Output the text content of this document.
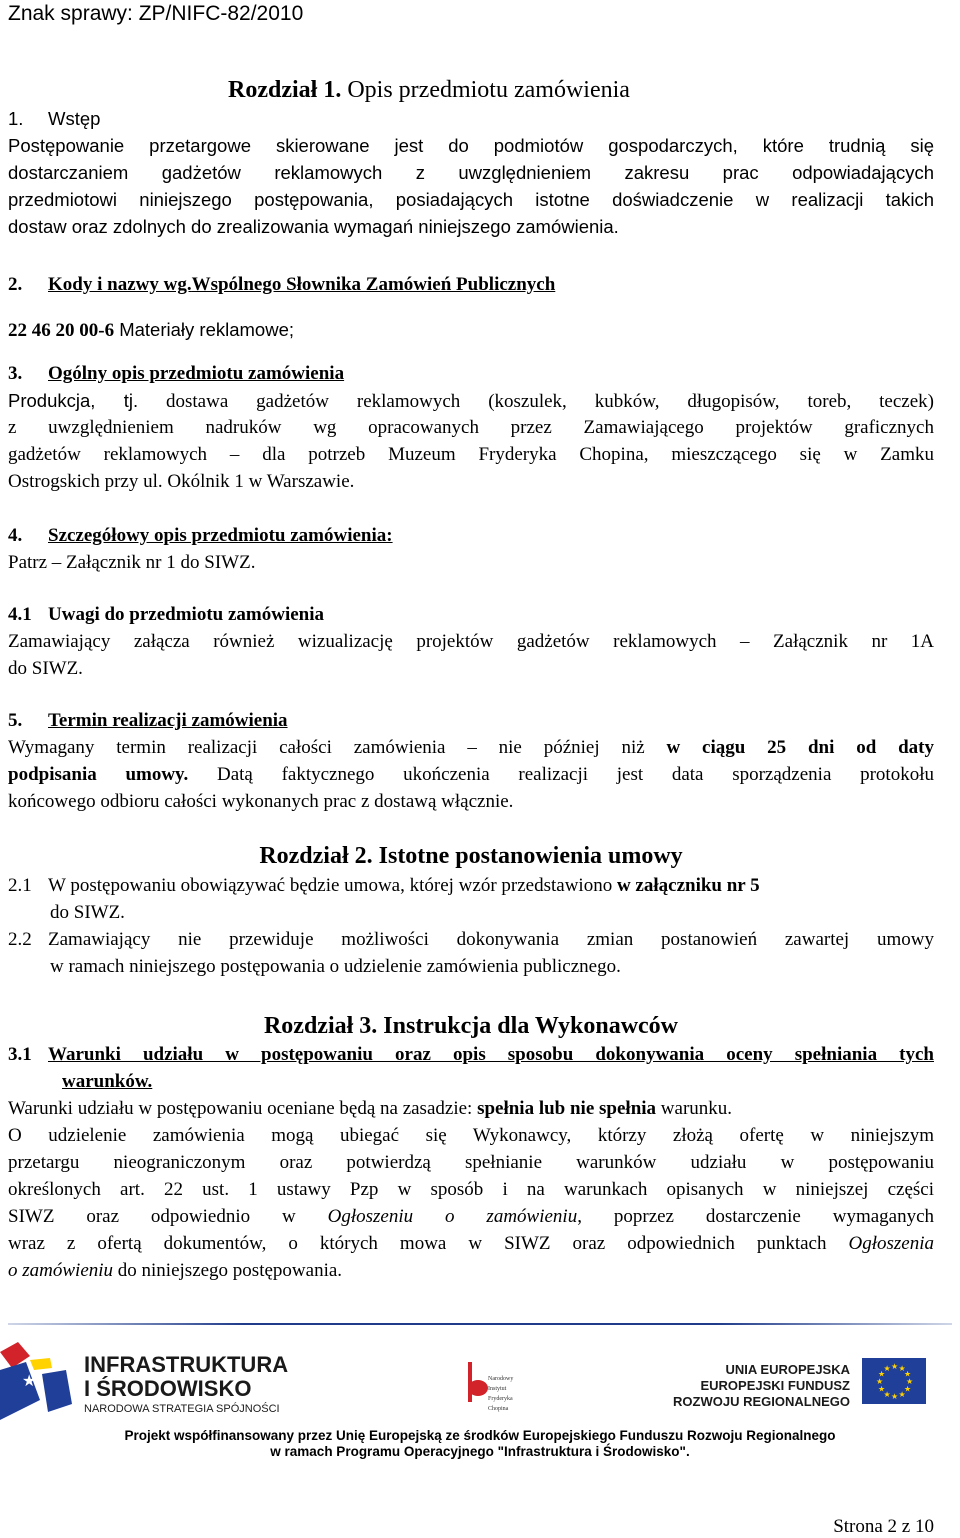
Znak sprawy: ZP/NIFC-82/2010
Rozdział 1. Opis przedmiotu zamówienia
1. Wstęp
Postępowanie przetargowe skierowane jest do podmiotów gospodarczych, które trudnią się
dostarczaniem gadżetów reklamowych z uwzględnieniem zakresu prac odpowiadających
przedmiotowi niniejszego postępowania, posiadających istotne doświadczenie w realizacji takich
dostaw oraz zdolnych do zrealizowania wymagań niniejszego zamówienia.
2. Kody i nazwy wg.Wspólnego Słownika Zamówień Publicznych
22 46 20 00-6 Materiały reklamowe;
3. Ogólny opis przedmiotu zamówienia
Produkcja, tj. dostawa gadżetów reklamowych (koszulek, kubków, długopisów, toreb, teczek)
z uwzględnieniem nadruków wg opracowanych przez Zamawiającego projektów graficznych
gadżetów reklamowych – dla potrzeb Muzeum Fryderyka Chopina, mieszczącego się w Zamku
Ostrogskich przy ul. Okólnik 1 w Warszawie.
4. Szczegółowy opis przedmiotu zamówienia:
Patrz – Załącznik nr 1 do SIWZ.
4.1 Uwagi do przedmiotu zamówienia
Zamawiający załącza również wizualizację projektów gadżetów reklamowych – Załącznik nr 1A
do SIWZ.
5. Termin realizacji zamówienia
Wymagany termin realizacji całości zamówienia – nie później niż w ciągu 25 dni od daty
podpisania umowy. Datą faktycznego ukończenia realizacji jest data sporządzenia protokołu
końcowego odbioru całości wykonanych prac z dostawą włącznie.
Rozdział 2. Istotne postanowienia umowy
2.1 W postępowaniu obowiązywać będzie umowa, której wzór przedstawiono w załączniku nr 5
do SIWZ.
2.2 Zamawiający nie przewiduje możliwości dokonywania zmian postanowień zawartej umowy
w ramach niniejszego postępowania o udzielenie zamówienia publicznego.
Rozdział 3. Instrukcja dla Wykonawców
3.1 Warunki udziału w postępowaniu oraz opis sposobu dokonywania oceny spełniania tych
warunków.
Warunki udziału w postępowaniu oceniane będą na zasadzie: spełnia lub nie spełnia warunku.
O udzielenie zamówienia mogą ubiegać się Wykonawcy, którzy złożą ofertę w niniejszym
przetargu nieograniczonym oraz potwierdzą spełnianie warunków udziału w postępowaniu
określonych art. 22 ust. 1 ustawy Pzp w sposób i na warunkach opisanych w niniejszej części
SIWZ oraz odpowiednio w Ogłoszeniu o zamówieniu, poprzez dostarczenie wymaganych
wraz z ofertą dokumentów, o których mowa w SIWZ oraz odpowiednich punktach Ogłoszenia
o zamówieniu do niniejszego postępowania.
★
INFRASTRUKTURA
I ŚRODOWISKO
NARODOWA STRATEGIA SPÓJNOŚCI
Narodowy
Instytut
Fryderyka
Chopina
UNIA EUROPEJSKA
EUROPEJSKI FUNDUSZ
ROZWOJU REGIONALNEGO
★ ★
★
★
★
★
★
★
★
★
★
★
Projekt współfinansowany przez Unię Europejską ze środków Europejskiego Funduszu Rozwoju Regionalnego
w ramach Programu Operacyjnego "Infrastruktura i Środowisko".
Strona 2 z 10
